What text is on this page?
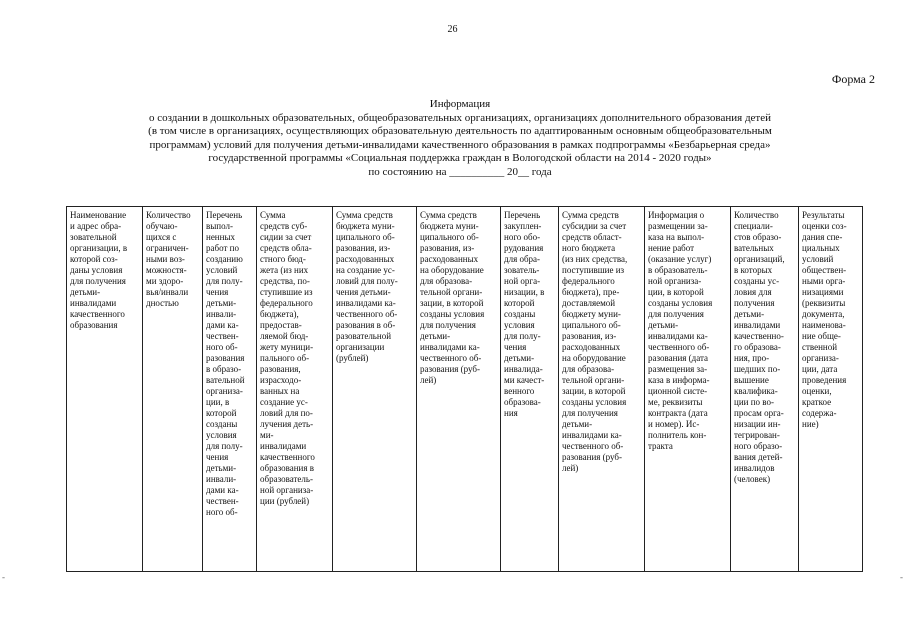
26
Форма 2
Информация
о создании в дошкольных образовательных, общеобразовательных организациях, организациях дополнительного образования детей
(в том числе в организациях, осуществляющих образовательную деятельность по адаптированным основным общеобразовательным
программам) условий для получения детьми-инвалидами качественного образования в рамках подпрограммы «Безбарьерная среда»
государственной программы «Социальная поддержка граждан в Вологодской области на 2014 - 2020 годы»
по состоянию на __________ 20__ года
Наименование
и адрес обра-
зовательной
организации, в
которой соз-
даны условия
для получения
детьми-
инвалидами
качественного
образования

Количество
обучаю-
щихся с
ограничен-
ными воз-
можностя-
ми здоро-
вья/инвали
дностью

Перечень
выпол-
ненных
работ по
созданию
условий
для полу-
чения
детьми-
инвали-
дами ка-
чествен-
ного об-
разования
в образо-
вательной
организа-
ции, в
которой
созданы
условия
для полу-
чения
детьми-
инвали-
дами ка-
чествен-
ного об-

Сумма
средств суб-
сидии за счет
средств обла-
стного бюд-
жета (из них
средства, по-
ступившие из
федерального
бюджета),
предостав-
ляемой бюд-
жету муници-
пального об-
разования,
израсходо-
ванных на
создание ус-
ловий для по-
лучения деть-
ми-
инвалидами
качественного
образования в
образователь-
ной организа-
ции (рублей)

Сумма средств
бюджета муни-
ципального об-
разования, из-
расходованных
на создание ус-
ловий для полу-
чения детьми-
инвалидами ка-
чественного об-
разования в об-
разовательной
организации
(рублей)

Сумма средств
бюджета муни-
ципального об-
разования, из-
расходованных
на оборудование
для образова-
тельной органи-
зации, в которой
созданы условия
для получения
детьми-
инвалидами ка-
чественного об-
разования (руб-
лей)

Перечень
закуплен-
ного обо-
рудования
для обра-
зователь-
ной орга-
низации, в
которой
созданы
условия
для полу-
чения
детьми-
инвалида-
ми качест-
венного
образова-
ния

Сумма средств
субсидии за счет
средств област-
ного бюджета
(из них средства,
поступившие из
федерального
бюджета), пре-
доставляемой
бюджету муни-
ципального об-
разования, из-
расходованных
на оборудование
для образова-
тельной органи-
зации, в которой
созданы условия
для получения
детьми-
инвалидами ка-
чественного об-
разования (руб-
лей)

Информация о
размещении за-
каза на выпол-
нение работ
(оказание услуг)
в образователь-
ной организа-
ции, в которой
созданы условия
для получения
детьми-
инвалидами ка-
чественного об-
разования (дата
размещения за-
каза в информа-
ционной систе-
ме, реквизиты
контракта (дата
и номер). Ис-
полнитель кон-
тракта

Количество
специали-
стов образо-
вательных
организаций,
в которых
созданы ус-
ловия для
получения
детьми-
инвалидами
качественно-
го образова-
ния, про-
шедших по-
вышение
квалифика-
ции по во-
просам орга-
низации ин-
тегрирован-
ного образо-
вания детей-
инвалидов
(человек)

Результаты
оценки соз-
дания спе-
циальных
условий
обществен-
ными орга-
низациями
(реквизиты
документа,
наименова-
ние обще-
ственной
организа-
ции, дата
проведения
оценки,
краткое
содержа-
ние)
-	-
